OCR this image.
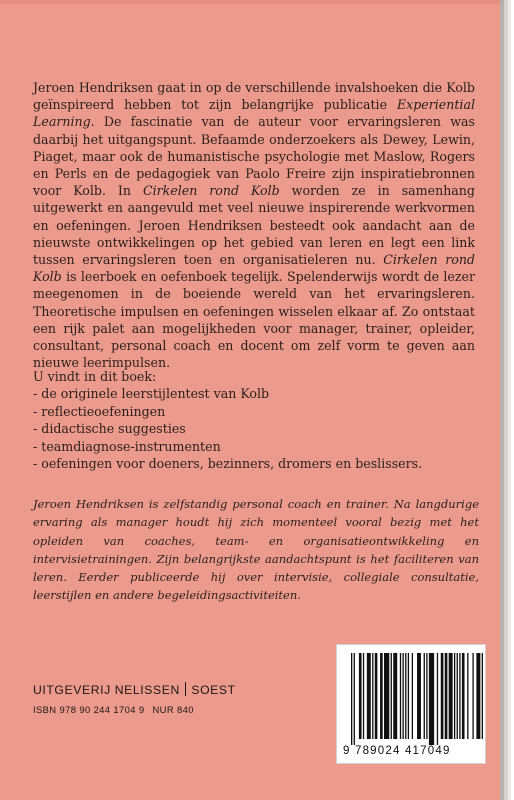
Jeroen Hendriksen gaat in op de verschillende invalshoeken die Kolb geïnspireerd hebben tot zijn belangrijke publicatie Experiential Learning. De fascinatie van de auteur voor ervaringsleren was daarbij het uitgangspunt. Befaamde onderzoekers als Dewey, Lewin, Piaget, maar ook de humanistische psychologie met Maslow, Rogers en Perls en de pedagogiek van Paolo Freire zijn inspiratiebronnen voor Kolb. In Cirkelen rond Kolb worden ze in samenhang uitgewerkt en aangevuld met veel nieuwe inspirerende werkvormen en oefeningen. Jeroen Hendriksen besteedt ook aandacht aan de nieuwste ontwikkelingen op het gebied van leren en legt een link tussen ervaringsleren toen en organisatieleren nu. Cirkelen rond Kolb is leerboek en oefenboek tegelijk. Spelenderwijs wordt de lezer meegenomen in de boeiende wereld van het ervaringsleren. Theoretische impulsen en oefeningen wisselen elkaar af. Zo ontstaat een rijk palet aan mogelijkheden voor manager, trainer, opleider, consultant, personal coach en docent om zelf vorm te geven aan nieuwe leerimpulsen.

U vindt in dit boek:
- de originele leerstijlentest van Kolb
- reflectieoefeningen
- didactische suggesties
- teamdiagnose-instrumenten
- oefeningen voor doeners, bezinners, dromers en beslissers.

Jeroen Hendriksen is zelfstandig personal coach en trainer. Na langdurige ervaring als manager houdt hij zich momenteel vooral bezig met het opleiden van coaches, team- en organisatieontwikkeling en intervisietrainingen. Zijn belangrijkste aandachtspunt is het faciliteren van leren. Eerder publiceerde hij over intervisie, collegiale consultatie, leerstijlen en andere begeleidingsactiviteiten.

UITGEVERIJ NELISSEN SOEST
ISBN 978 90 244 1704 9 NUR 840
9 789024 417049
